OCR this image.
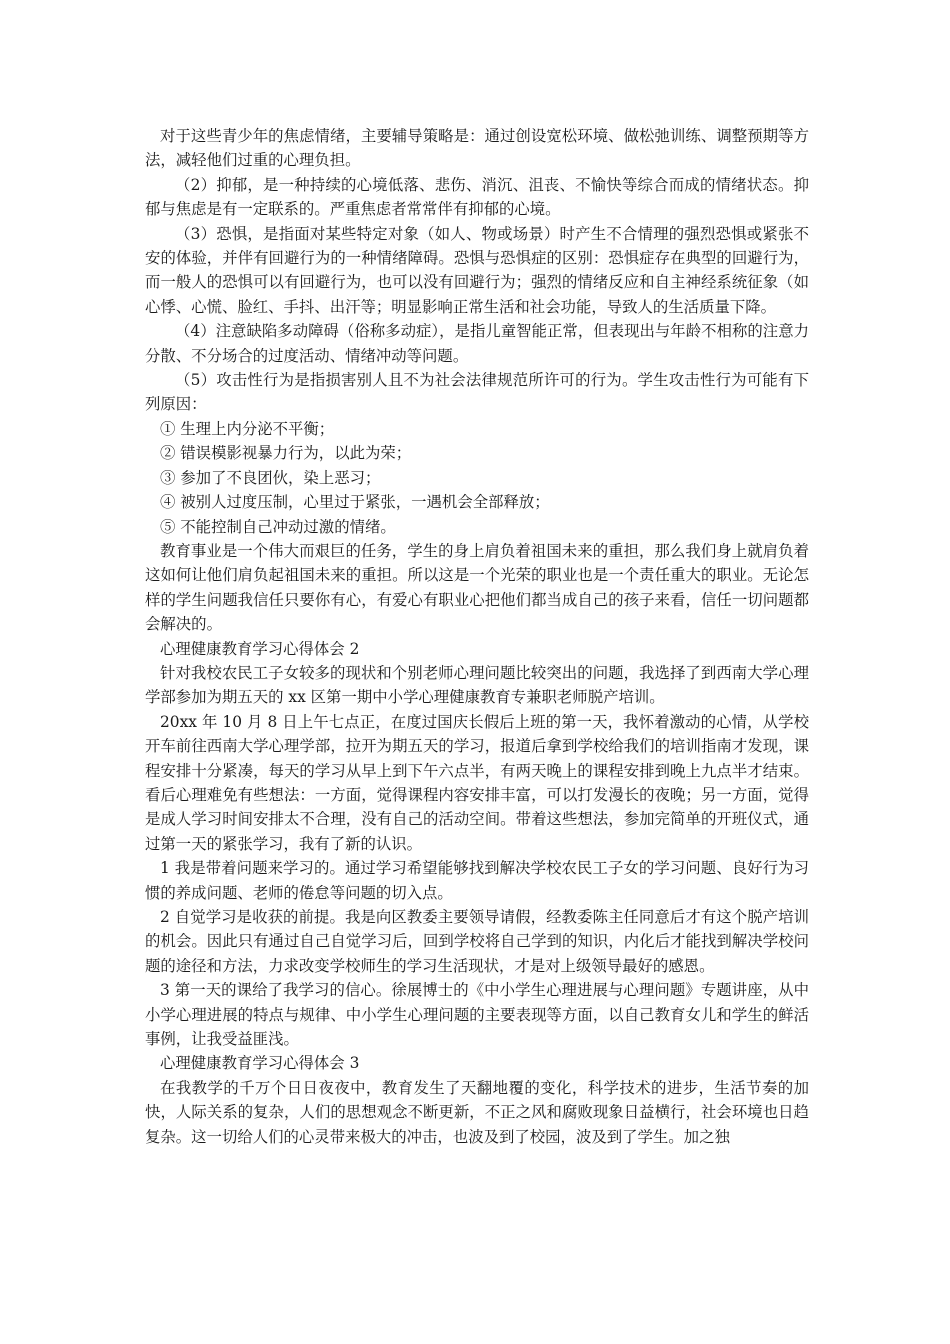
对于这些青少年的焦虑情绪，主要辅导策略是：通过创设宽松环境、做松弛训练、调整预期等方法，减轻他们过重的心理负担。

（2）抑郁，是一种持续的心境低落、悲伤、消沉、沮丧、不愉快等综合而成的情绪状态。抑郁与焦虑是有一定联系的。严重焦虑者常常伴有抑郁的心境。

（3）恐惧，是指面对某些特定对象（如人、物或场景）时产生不合情理的强烈恐惧或紧张不安的体验，并伴有回避行为的一种情绪障碍。恐惧与恐惧症的区别：恐惧症存在典型的回避行为，而一般人的恐惧可以有回避行为，也可以没有回避行为；强烈的情绪反应和自主神经系统征象（如心悸、心慌、脸红、手抖、出汗等；明显影响正常生活和社会功能，导致人的生活质量下降。

（4）注意缺陷多动障碍（俗称多动症），是指儿童智能正常，但表现出与年龄不相称的注意力分散、不分场合的过度活动、情绪冲动等问题。

（5）攻击性行为是指损害别人且不为社会法律规范所许可的行为。学生攻击性行为可能有下列原因：

① 生理上内分泌不平衡；

② 错误模影视暴力行为，以此为荣；

③ 参加了不良团伙，染上恶习；

④ 被别人过度压制，心里过于紧张，一遇机会全部释放；

⑤ 不能控制自己冲动过激的情绪。

教育事业是一个伟大而艰巨的任务，学生的身上肩负着祖国未来的重担，那么我们身上就肩负着这如何让他们肩负起祖国未来的重担。所以这是一个光荣的职业也是一个责任重大的职业。无论怎样的学生问题我信任只要你有心，有爱心有职业心把他们都当成自己的孩子来看，信任一切问题都会解决的。

心理健康教育学习心得体会 2

针对我校农民工子女较多的现状和个别老师心理问题比较突出的问题，我选择了到西南大学心理学部参加为期五天的 xx 区第一期中小学心理健康教育专兼职老师脱产培训。

20xx 年 10 月 8 日上午七点正，在度过国庆长假后上班的第一天，我怀着激动的心情，从学校开车前往西南大学心理学部，拉开为期五天的学习，报道后拿到学校给我们的培训指南才发现，课程安排十分紧凑，每天的学习从早上到下午六点半，有两天晚上的课程安排到晚上九点半才结束。看后心理难免有些想法：一方面，觉得课程内容安排丰富，可以打发漫长的夜晚；另一方面，觉得是成人学习时间安排太不合理，没有自己的活动空间。带着这些想法，参加完简单的开班仪式，通过第一天的紧张学习，我有了新的认识。

1 我是带着问题来学习的。通过学习希望能够找到解决学校农民工子女的学习问题、良好行为习惯的养成问题、老师的倦怠等问题的切入点。

2 自觉学习是收获的前提。我是向区教委主要领导请假，经教委陈主任同意后才有这个脱产培训的机会。因此只有通过自己自觉学习后，回到学校将自己学到的知识，内化后才能找到解决学校问题的途径和方法，力求改变学校师生的学习生活现状，才是对上级领导最好的感恩。

3 第一天的课给了我学习的信心。徐展博士的《中小学生心理进展与心理问题》专题讲座，从中小学心理进展的特点与规律、中小学生心理问题的主要表现等方面，以自己教育女儿和学生的鲜活事例，让我受益匪浅。

心理健康教育学习心得体会 3

在我教学的千万个日日夜夜中，教育发生了天翻地覆的变化，科学技术的进步，生活节奏的加快，人际关系的复杂，人们的思想观念不断更新，不正之风和腐败现象日益横行，社会环境也日趋复杂。这一切给人们的心灵带来极大的冲击，也波及到了校园，波及到了学生。加之独
